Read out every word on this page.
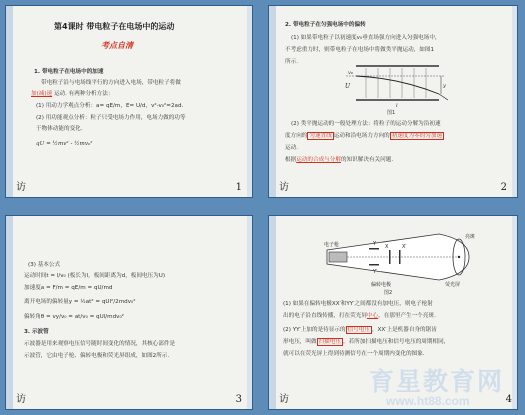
第4课时 带电粒子在电场中的运动
考点自清
1. 带电粒子在电场中的加速
带电粒子沿与电场线平行的方向进入电场，带电粒子将做
加(减)速 运动. 有两种分析方法：
(1) 用动力学观点分析：a= qE/m，E= U/d，v²-v₀²=2ad.
(2) 用功能观点分析：粒子只受电场力作用，电场力做的功等
于物体动能的变化.
qU = ½mv² - ½mv₀²
访	1
2. 带电粒子在匀强电场中的偏转
(1) 如果带电粒子以初速度v₀垂直场强方向进入匀强电场中，
不考虑重力时，则带电粒子在电场中将做类平抛运动，如图1
所示.
U
v₀
y
l
图1
(2) 类平抛运动的一般处理方法：将粒子的运动分解为沿初速
度方向的 匀速直线 运动和沿电场力方向的 初速度为零的匀加速
运动.
根据运动的合成与分解的知识解决有关问题.
访	2
(3) 基本公式
运动时间t = l/v₀ (板长为l，板间距离为d，板间电压为U)
加速度a = F/m = qE/m = qU/md
离开电场的偏转量y = ½at² = qUl²/2mdv₀²
偏转角θ = vy/v₀ = at/v₀ = qUl/mdv₀²
3. 示波管
示波器是用来观察电压信号随时间变化的情况，其核心部件是
示波管，它由电子枪、偏转电极和荧光屏组成，如图2所示.
访	3
电子枪
偏转电极	荧光屏
Y
Y′
X	X′
亮斑
图2
(1) 如果在偏转电极XX′和YY′之间都没有加电压，则电子枪射
出的电子沿直线传播，打在荧光屏中心，在那里产生一个亮斑.
(2) YY′上加的是待显示的 信号电压 ，XX′上是机器自身的锯齿
形电压，叫做 扫描电压 ，若所加扫描电压和信号电压的周期相同，
就可以在荧光屏上得到待测信号在一个周期内变化的图象.
育星教育网
www.ht88.com
访	4
